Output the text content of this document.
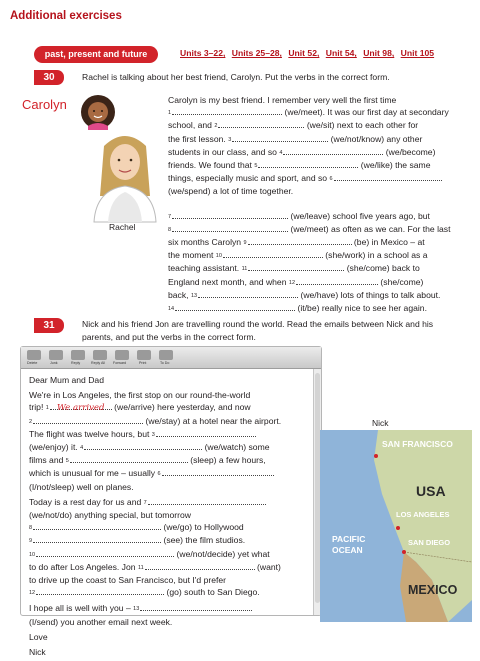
Additional exercises
past, present and future	Units 3–22, Units 25–28, Unit 52, Unit 54, Unit 98, Unit 105
30	Rachel is talking about her best friend, Carolyn. Put the verbs in the correct form.
Carolyn
Rachel
Carolyn is my best friend. I remember very well the first time
1	(we/meet). It was our first day at secondary
school, and 2	(we/sit) next to each other for
the first lesson. 3	(we/not/know) any other
students in our class, and so 4	(we/become)
friends. We found that 5	(we/like) the same
things, especially music and sport, and so 6
(we/spend) a lot of time together.
7	(we/leave) school five years ago, but
8	(we/meet) as often as we can. For the last
six months Carolyn 9	(be) in Mexico – at
the moment 10	(she/work) in a school as a
teaching assistant. 11	(she/come) back to
England next month, and when 12	(she/come)
back, 13	(we/have) lots of things to talk about.
14	(it/be) really nice to see her again.
31	Nick and his friend Jon are travelling round the world. Read the emails between Nick and his
parents, and put the verbs in the correct form.
Delete	Junk	Reply	Reply All Forward	Print	To Do

Dear Mum and Dad

We're in Los Angeles, the first stop on our round-the-world
trip! 1 We arrived (we/arrive) here yesterday, and now
2	(we/stay) at a hotel near the airport.
The flight was twelve hours, but 3
(we/enjoy) it. 4	(we/watch) some
films and 5	(sleep) a few hours,
which is unusual for me – usually 6

(I/not/sleep) well on planes.

Today is a rest day for us and 7
(we/not/do) anything special, but tomorrow
8	(we/go) to Hollywood
9	(see) the film studios.
10	(we/not/decide) yet what
to do after Los Angeles. Jon 11	(want)
to drive up the coast to San Francisco, but I'd prefer

12	(go) south to San Diego.

I hope all is well with you – 13

(I/send) you another email next week.

Love

Nick

Nick
SAN FRANCISCO
USA
LOS ANGELES
SAN DIEGO
PACIFIC
OCEAN
MEXICO
